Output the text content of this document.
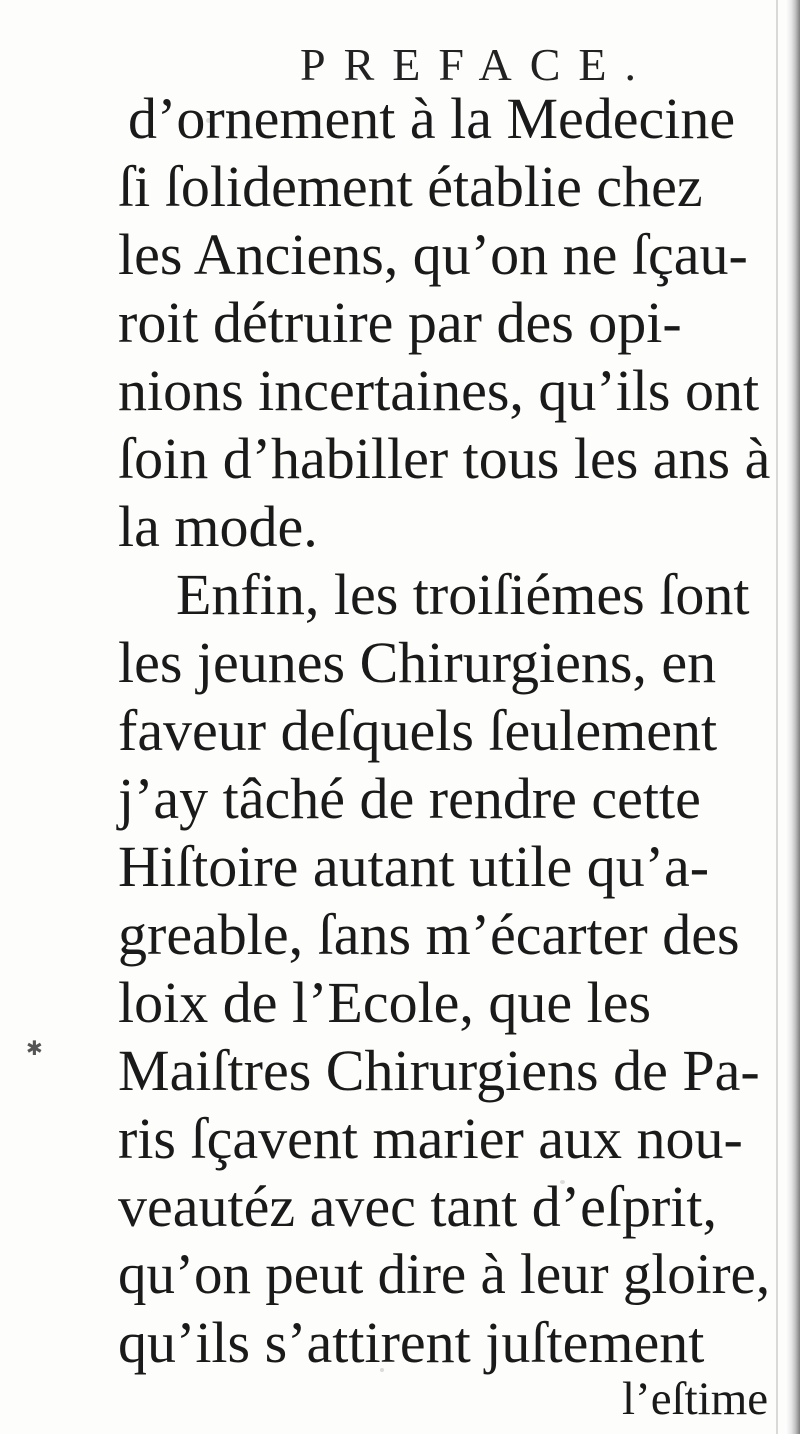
✱
PREFACE.
d’ornement à la Medecine
ſi ſolidement établie chez
les Anciens, qu’on ne ſçau-
roit détruire par des opi-
nions incertaines, qu’ils ont
ſoin d’habiller tous les ans à
la mode.
Enfin, les troiſiémes ſont
les jeunes Chirurgiens, en
faveur deſquels ſeulement
j’ay tâché de rendre cette
Hiſtoire autant utile qu’a-
greable, ſans m’écarter des
loix de l’Ecole, que les
Maiſtres Chirurgiens de Pa-
ris ſçavent marier aux nou-
veautéz avec tant d’eſprit,
qu’on peut dire à leur gloire,
qu’ils s’attirent juſtement
l’eſtime
